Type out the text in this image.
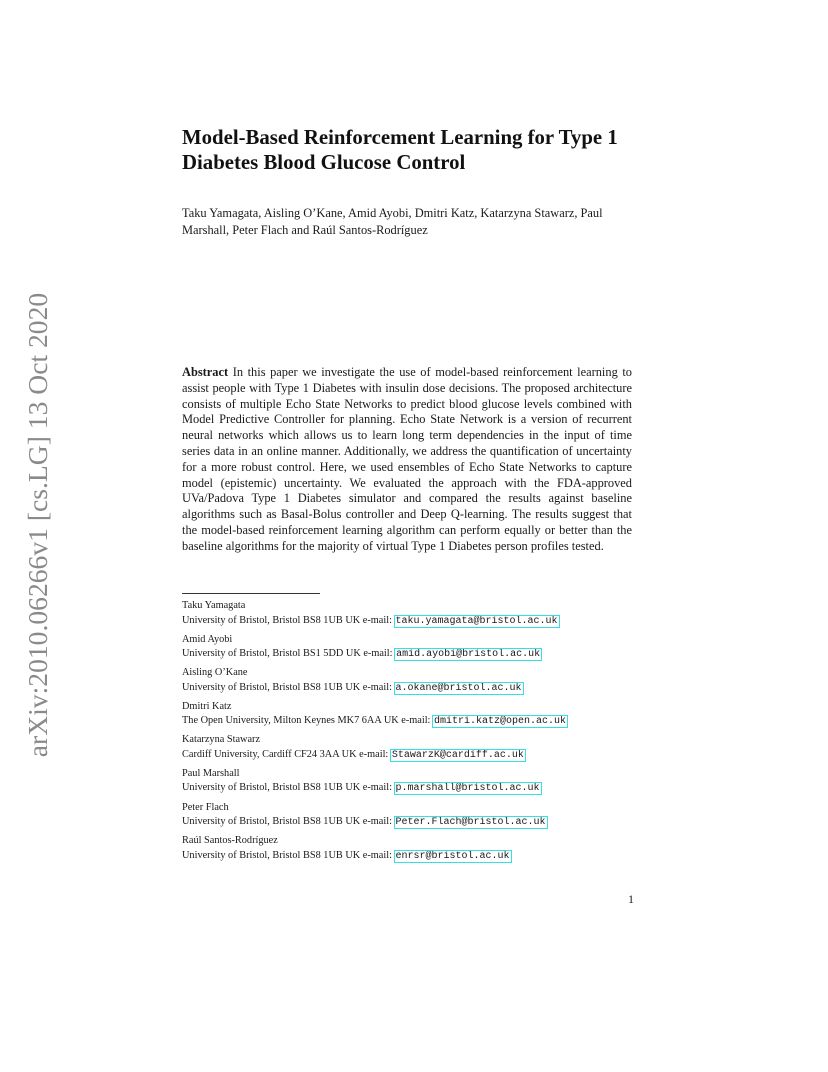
arXiv:2010.06266v1 [cs.LG] 13 Oct 2020
Model-Based Reinforcement Learning for Type 1 Diabetes Blood Glucose Control

Taku Yamagata, Aisling O’Kane, Amid Ayobi, Dmitri Katz, Katarzyna Stawarz, Paul Marshall, Peter Flach and Raúl Santos-Rodríguez

Abstract In this paper we investigate the use of model-based reinforcement learning to assist people with Type 1 Diabetes with insulin dose decisions. The proposed architecture consists of multiple Echo State Networks to predict blood glucose levels combined with Model Predictive Controller for planning. Echo State Network is a version of recurrent neural networks which allows us to learn long term dependencies in the input of time series data in an online manner. Additionally, we address the quantification of uncertainty for a more robust control. Here, we used ensembles of Echo State Networks to capture model (epistemic) uncertainty. We evaluated the approach with the FDA-approved UVa/Padova Type 1 Diabetes simulator and compared the results against baseline algorithms such as Basal-Bolus controller and Deep Q-learning. The results suggest that the model-based reinforcement learning algorithm can perform equally or better than the baseline algorithms for the majority of virtual Type 1 Diabetes person profiles tested.

Taku Yamagata
University of Bristol, Bristol BS8 1UB UK e-mail: taku.yamagata@bristol.ac.uk
Amid Ayobi
University of Bristol, Bristol BS1 5DD UK e-mail: amid.ayobi@bristol.ac.uk
Aisling O’Kane
University of Bristol, Bristol BS8 1UB UK e-mail: a.okane@bristol.ac.uk
Dmitri Katz
The Open University, Milton Keynes MK7 6AA UK e-mail: dmitri.katz@open.ac.uk
Katarzyna Stawarz
Cardiff University, Cardiff CF24 3AA UK e-mail: StawarzK@cardiff.ac.uk
Paul Marshall
University of Bristol, Bristol BS8 1UB UK e-mail: p.marshall@bristol.ac.uk
Peter Flach
University of Bristol, Bristol BS8 1UB UK e-mail: Peter.Flach@bristol.ac.uk
Raúl Santos-Rodríguez
University of Bristol, Bristol BS8 1UB UK e-mail: enrsr@bristol.ac.uk

1
